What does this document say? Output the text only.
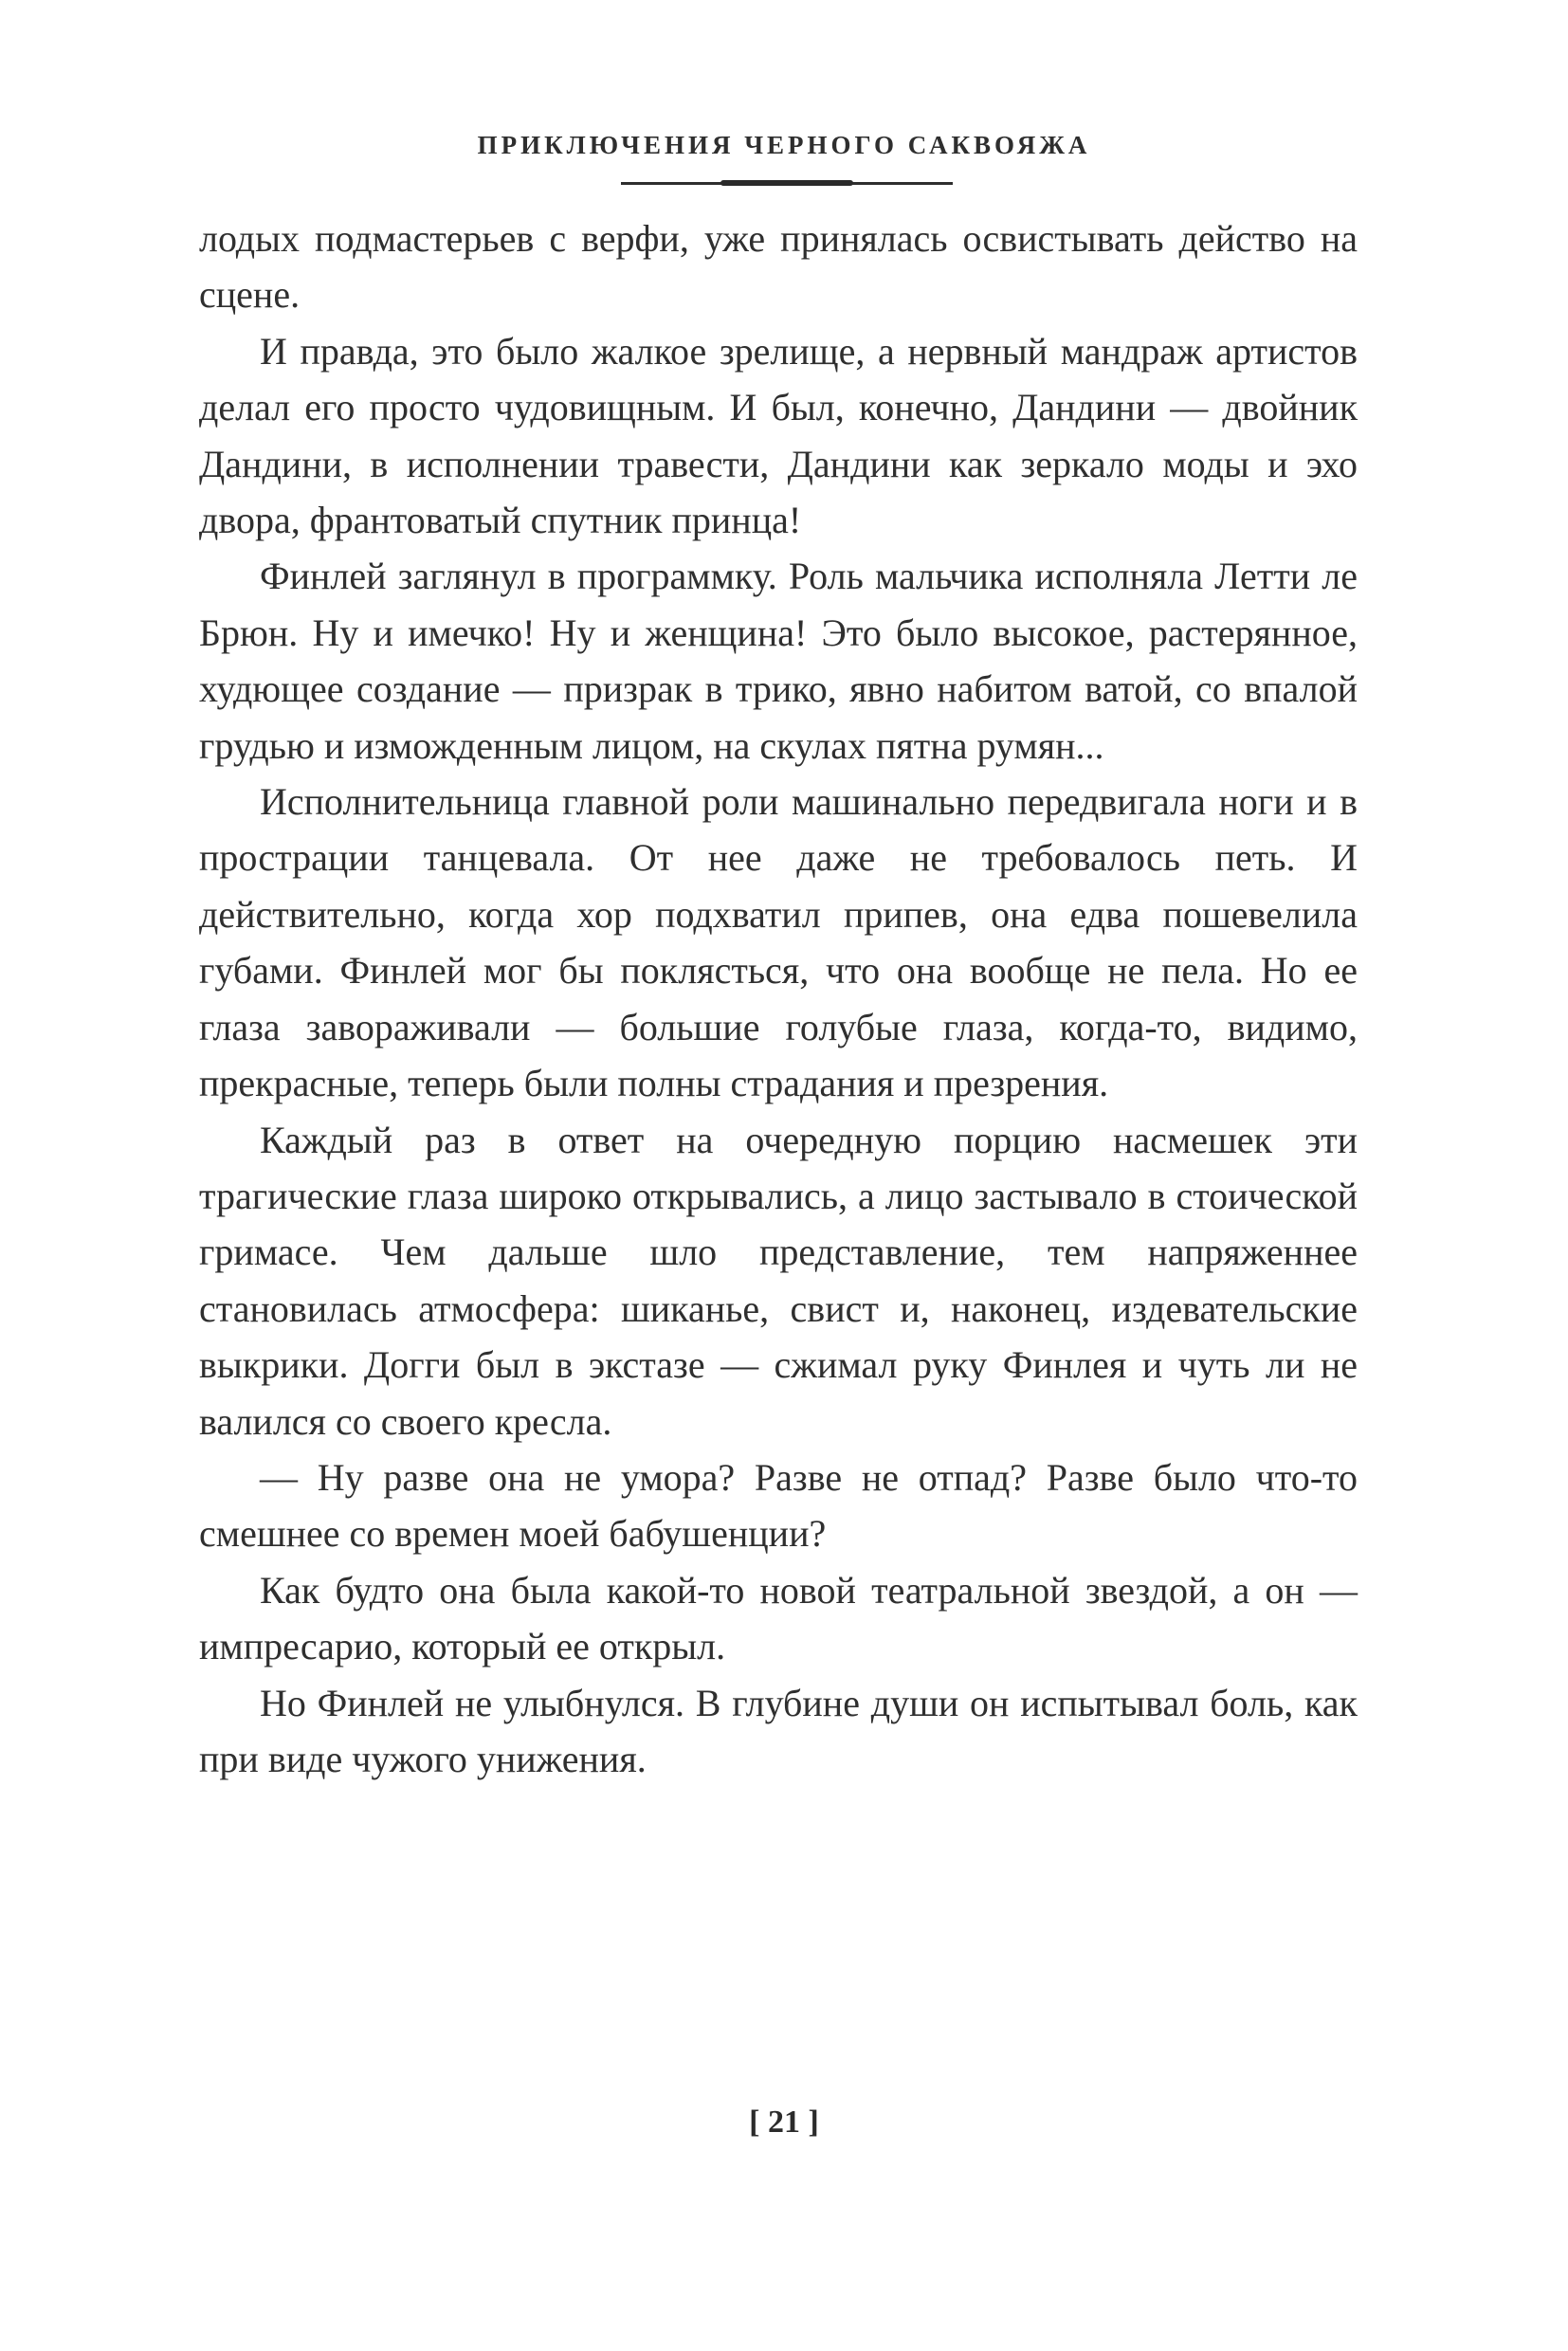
ПРИКЛЮЧЕНИЯ ЧЕРНОГО САКВОЯЖА

лодых подмастерьев с верфи, уже принялась освистывать действо на сцене.

И правда, это было жалкое зрелище, а нервный мандраж артистов делал его просто чудовищным. И был, конечно, Дандини — двойник Дандини, в исполнении травести, Дандини как зеркало моды и эхо двора, франтоватый спутник принца!

Финлей заглянул в программку. Роль мальчика исполняла Летти ле Брюн. Ну и имечко! Ну и женщина! Это было высокое, растерянное, худющее создание — призрак в трико, явно набитом ватой, со впалой грудью и изможденным лицом, на скулах пятна румян...

Исполнительница главной роли машинально передвигала ноги и в прострации танцевала. От нее даже не требовалось петь. И действительно, когда хор подхватил припев, она едва пошевелила губами. Финлей мог бы поклясться, что она вообще не пела. Но ее глаза завораживали — большие голубые глаза, когда-то, видимо, прекрасные, теперь были полны страдания и презрения.

Каждый раз в ответ на очередную порцию насмешек эти трагические глаза широко открывались, а лицо застывало в стоической гримасе. Чем дальше шло представление, тем напряженнее становилась атмосфера: шиканье, свист и, наконец, издевательские выкрики. Догги был в экстазе — сжимал руку Финлея и чуть ли не валился со своего кресла.

— Ну разве она не умора? Разве не отпад? Разве было что-то смешнее со времен моей бабушенции?

Как будто она была какой-то новой театральной звездой, а он — импресарио, который ее открыл.

Но Финлей не улыбнулся. В глубине души он испытывал боль, как при виде чужого унижения.

[ 21 ]
